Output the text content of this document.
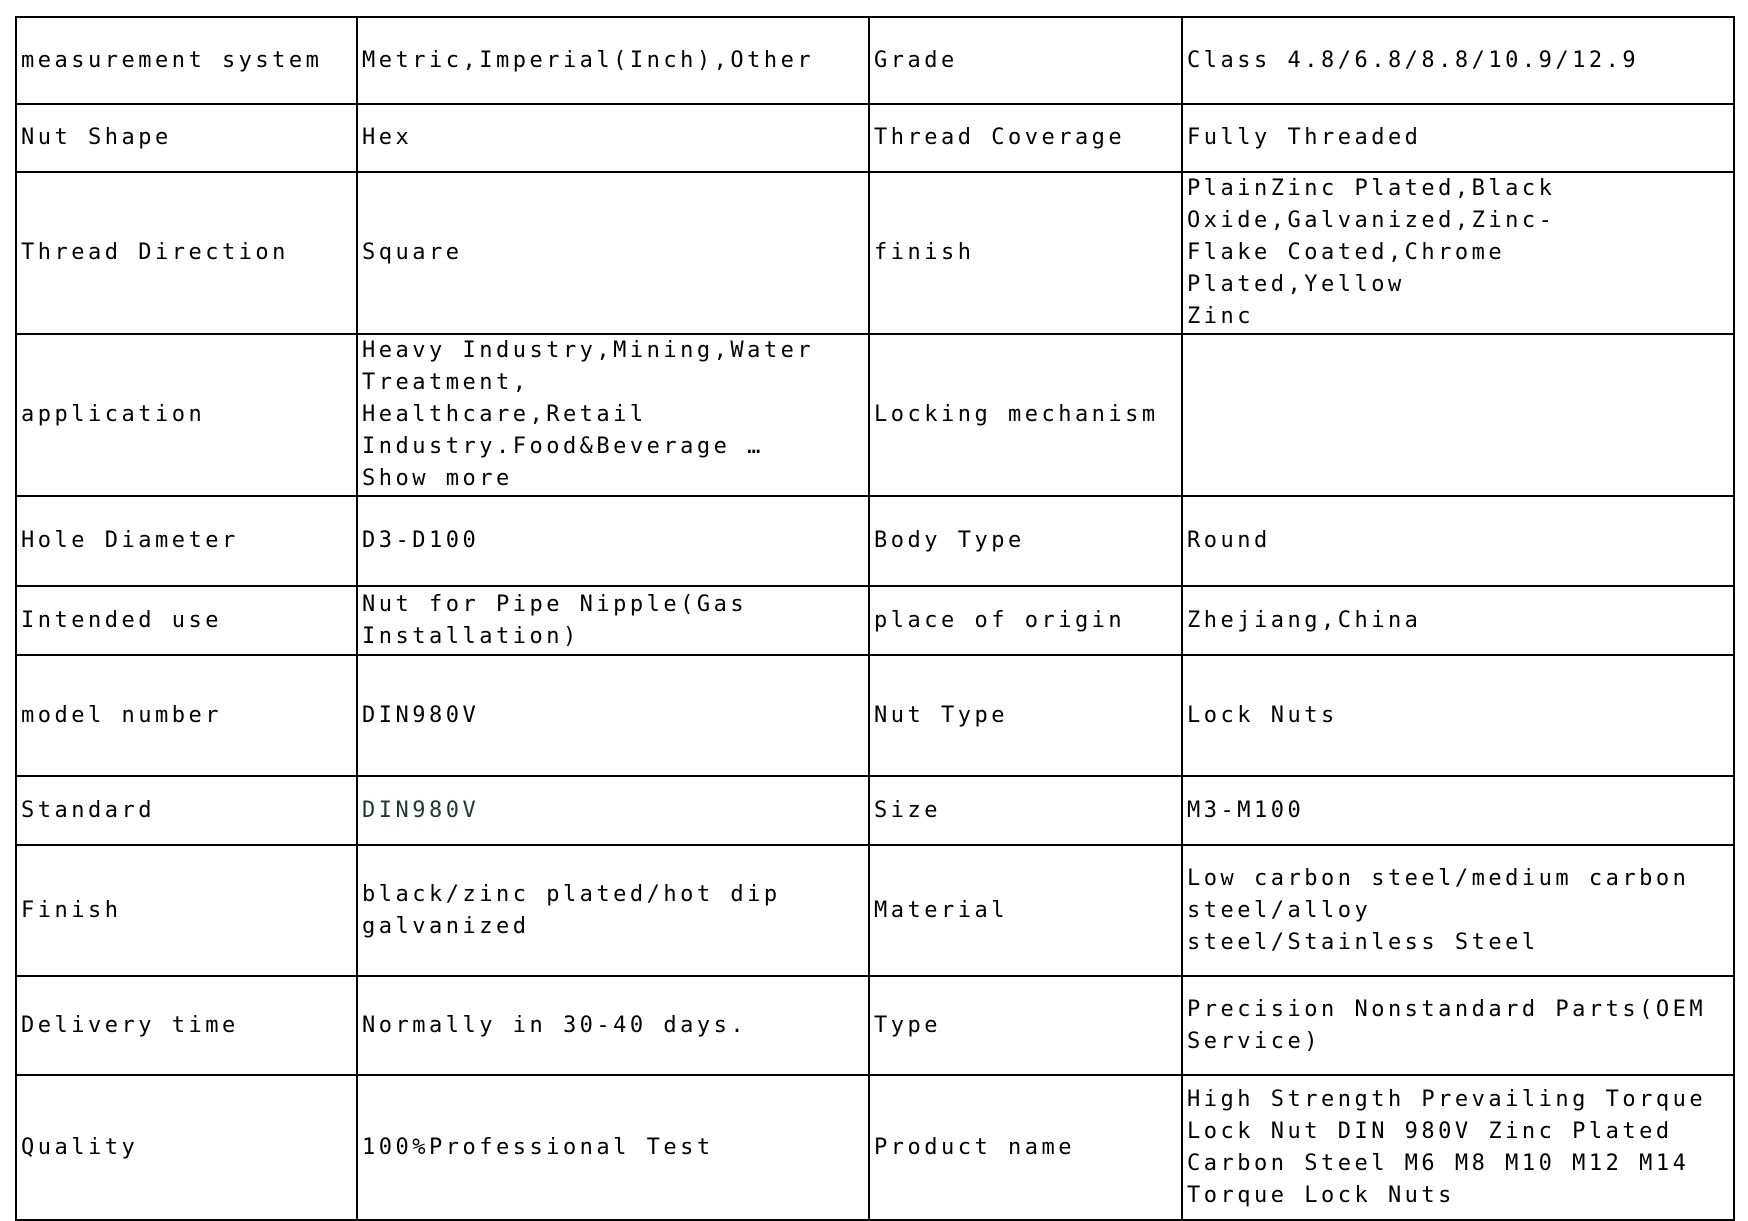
measurement system	Metric,Imperial(Inch),Other	Grade	Class 4.8/6.8/8.8/10.9/12.9
Nut Shape	Hex	Thread Coverage	Fully Threaded
Thread Direction	Square	finish	PlainZinc Plated,Black
Oxide,Galvanized,Zinc-
Flake Coated,Chrome Plated,Yellow
Zinc
application	Heavy Industry,Mining,Water
Treatment,
Healthcare,Retail
Industry.Food&Beverage …
Show more	Locking mechanism	
Hole Diameter	D3-D100	Body Type	Round
Intended use	Nut for Pipe Nipple(Gas
Installation)	place of origin	Zhejiang,China
model number	DIN980V	Nut Type	Lock Nuts
Standard	DIN980V	Size	M3-M100
Finish	black/zinc plated/hot dip
galvanized	Material	Low carbon steel/medium carbon
steel/alloy
steel/Stainless Steel
Delivery time	Normally in 30-40 days.	Type	Precision Nonstandard Parts(OEM
Service)
Quality	100%Professional Test	Product name	High Strength Prevailing Torque
Lock Nut DIN 980V Zinc Plated
Carbon Steel M6 M8 M10 M12 M14
Torque Lock Nuts
